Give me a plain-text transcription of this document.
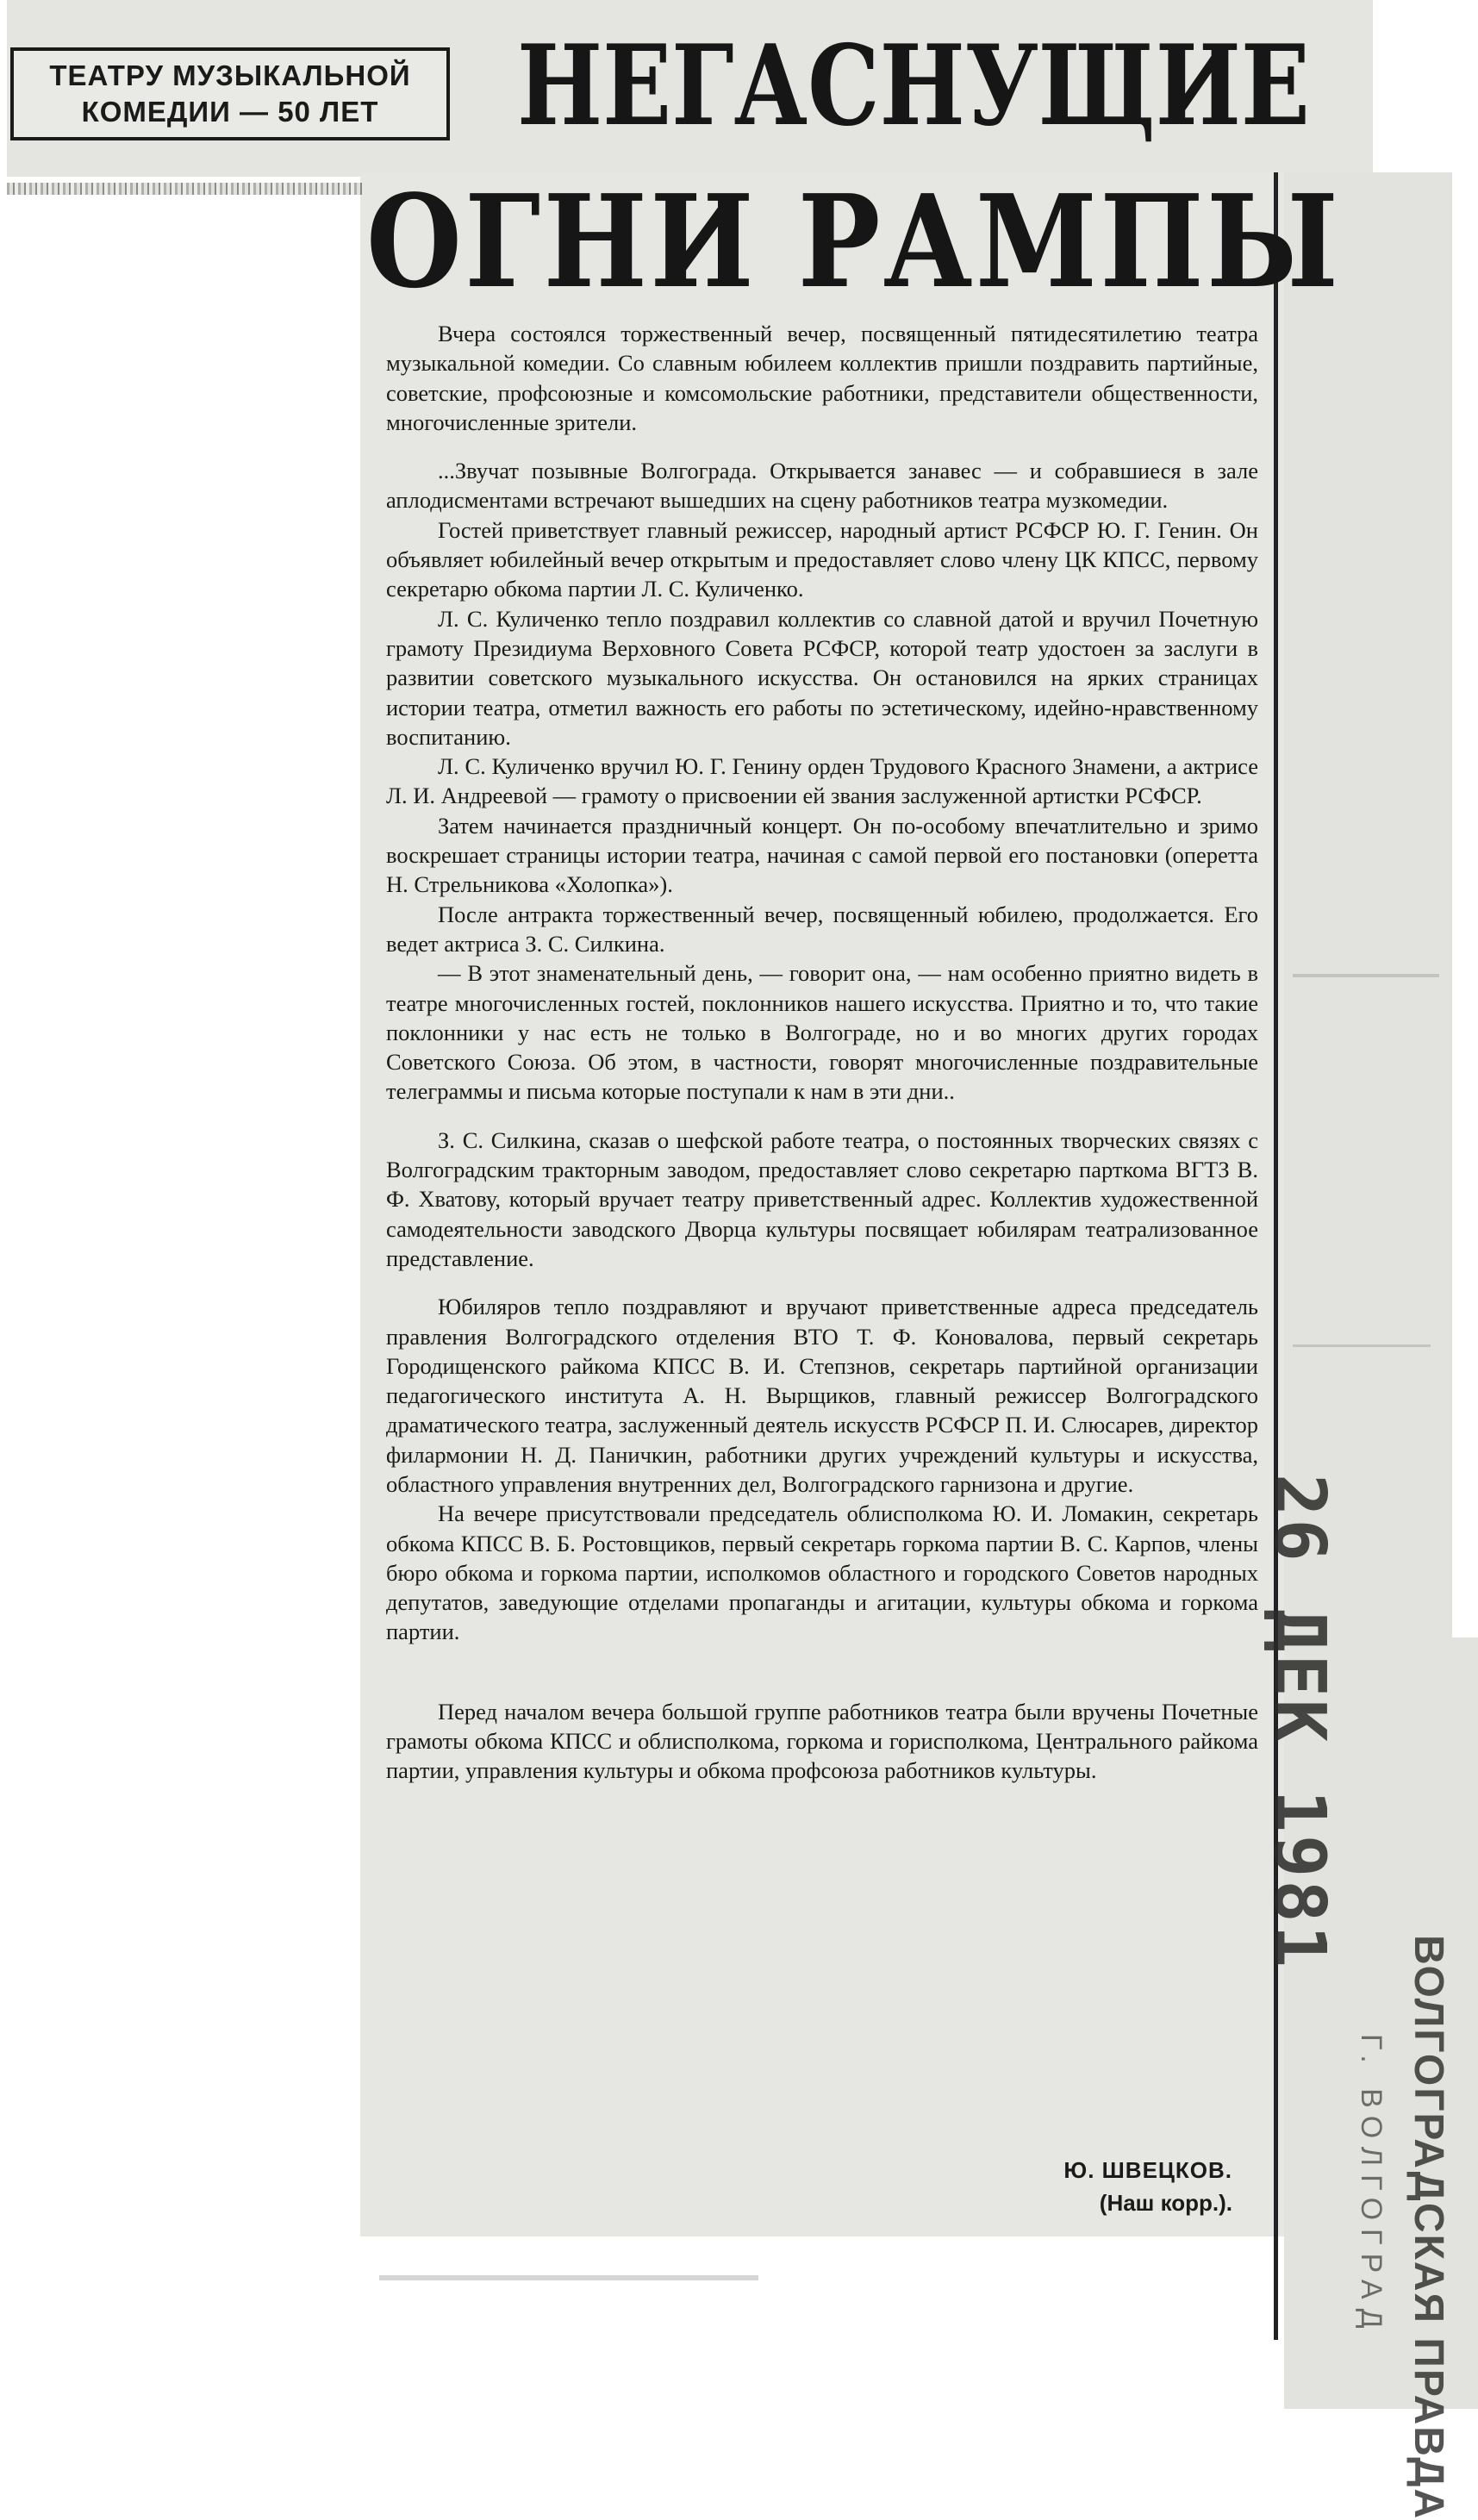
ТЕАТРУ МУЗЫКАЛЬНОЙ
КОМЕДИИ — 50 ЛЕТ НЕГАСНУЩИЕ
ОГНИ РАМПЫ

Вчера состоялся торжественный вечер, посвященный пятидесятилетию театра музыкальной комедии. Со славным юбилеем коллектив пришли поздравить партийные, советские, профсоюзные и комсомольские работники, представители общественности, многочисленные зрители.

...Звучат позывные Волгограда. Открывается занавес — и собравшиеся в зале аплодисментами встречают вышедших на сцену работников театра музкомедии.

Гостей приветствует главный режиссер, народный артист РСФСР Ю. Г. Генин. Он объявляет юбилейный вечер открытым и предоставляет слово члену ЦК КПСС, первому секретарю обкома партии Л. С. Куличенко.

Л. С. Куличенко тепло поздравил коллектив со славной датой и вручил Почетную грамоту Президиума Верховного Совета РСФСР, которой театр удостоен за заслуги в развитии советского музыкального искусства. Он остановился на ярких страницах истории театра, отметил важность его работы по эстетическому, идейно-нравственному воспитанию.

Л. С. Куличенко вручил Ю. Г. Генину орден Трудового Красного Знамени, а актрисе Л. И. Андреевой — грамоту о присвоении ей звания заслуженной артистки РСФСР.

Затем начинается праздничный концерт. Он по-особому впечатлительно и зримо воскрешает страницы истории театра, начиная с самой первой его постановки (оперетта Н. Стрельникова «Холопка»).

После антракта торжественный вечер, посвященный юбилею, продолжается. Его ведет актриса З. С. Силкина.

— В этот знаменательный день, — говорит она, — нам особенно приятно видеть в театре многочисленных гостей, поклонников нашего искусства. Приятно и то, что такие поклонники у нас есть не только в Волгограде, но и во многих других городах Советского Союза. Об этом, в частности, говорят многочисленные поздравительные телеграммы и письма которые поступали к нам в эти дни..

З. С. Силкина, сказав о шефской работе театра, о постоянных творческих связях с Волгоградским тракторным заводом, предоставляет слово секретарю парткома ВГТЗ В. Ф. Хватову, который вручает театру приветственный адрес. Коллектив художественной самодеятельности заводского Дворца культуры посвящает юбилярам театрализованное представление.

Юбиляров тепло поздравляют и вручают приветственные адреса председатель правления Волгоградского отделения ВТО Т. Ф. Коновалова, первый секретарь Городищенского райкома КПСС В. И. Степзнов, секретарь партийной организации педагогического института А. Н. Вырщиков, главный режиссер Волгоградского драматического театра, заслуженный деятель искусств РСФСР П. И. Слюсарев, директор филармонии Н. Д. Паничкин, работники других учреждений культуры и искусства, областного управления внутренних дел, Волгоградского гарнизона и другие.

На вечере присутствовали председатель облисполкома Ю. И. Ломакин, секретарь обкома КПСС В. Б. Ростовщиков, первый секретарь горкома партии В. С. Карпов, члены бюро обкома и горкома партии, исполкомов областного и городского Советов народных депутатов, заведующие отделами пропаганды и агитации, культуры обкома и горкома партии.

Перед началом вечера большой группе работников театра были вручены Почетные грамоты обкома КПСС и облисполкома, горкома и горисполкома, Центрального райкома партии, управления культуры и обкома профсоюза работников культуры.

Ю. ШВЕЦКОВ.
(Наш корр.).
26 ДЕК 1981
ВОЛГОГРАДСКАЯ ПРАВДА
Г. ВОЛГОГРАД
